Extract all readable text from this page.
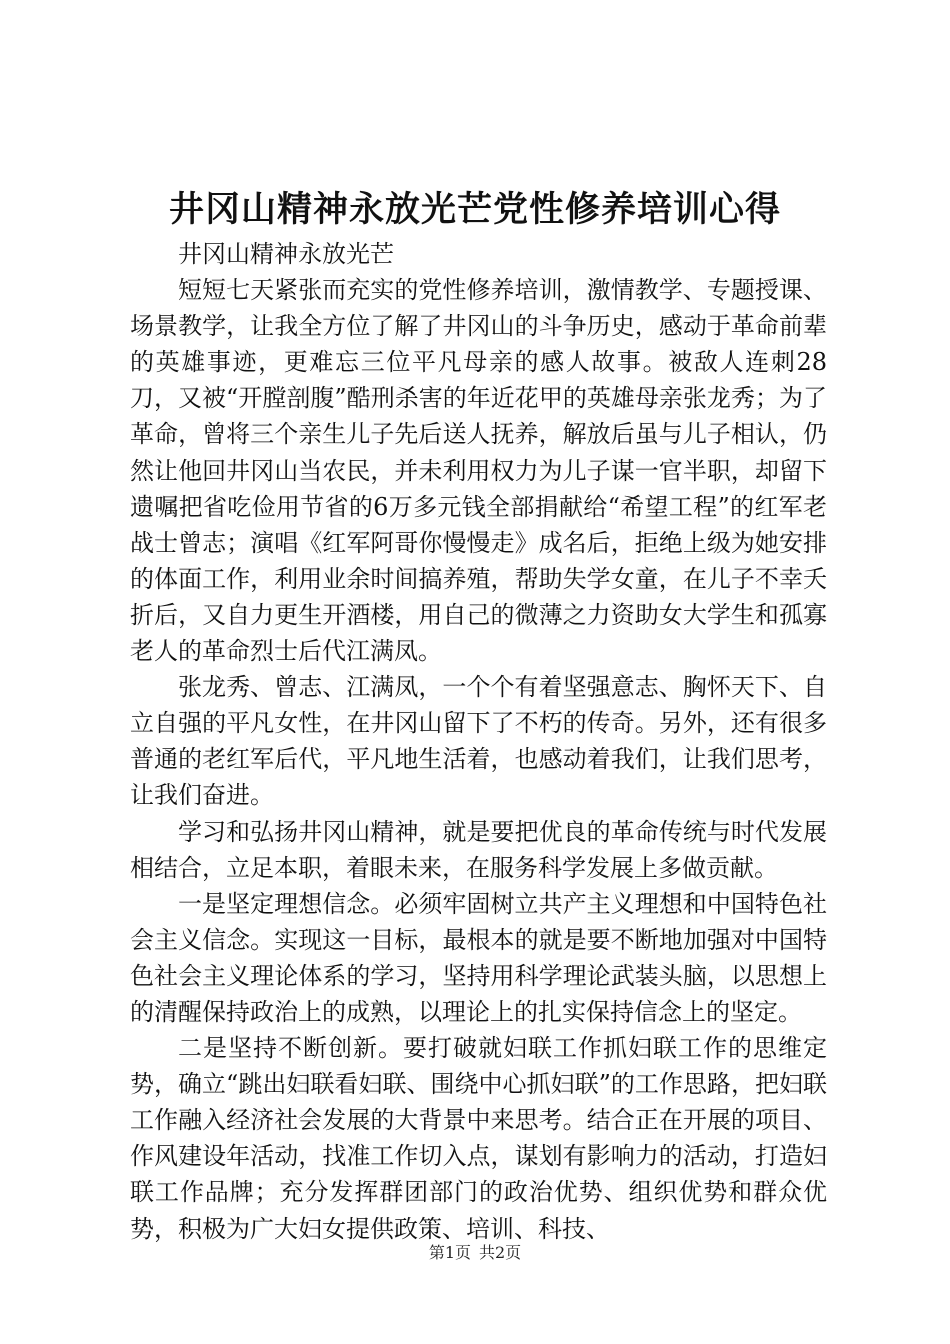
井冈山精神永放光芒党性修养培训心得

井冈山精神永放光芒

短短七天紧张而充实的党性修养培训，激情教学、专题授课、场景教学，让我全方位了解了井冈山的斗争历史，感动于革命前辈的英雄事迹，更难忘三位平凡母亲的感人故事。被敌人连刺28刀，又被“开膛剖腹”酷刑杀害的年近花甲的英雄母亲张龙秀；为了革命，曾将三个亲生儿子先后送人抚养，解放后虽与儿子相认，仍然让他回井冈山当农民，并未利用权力为儿子谋一官半职，却留下遗嘱把省吃俭用节省的6万多元钱全部捐献给“希望工程”的红军老战士曾志；演唱《红军阿哥你慢慢走》成名后，拒绝上级为她安排的体面工作，利用业余时间搞养殖，帮助失学女童，在儿子不幸夭折后，又自力更生开酒楼，用自己的微薄之力资助女大学生和孤寡老人的革命烈士后代江满凤。

张龙秀、曾志、江满凤，一个个有着坚强意志、胸怀天下、自立自强的平凡女性，在井冈山留下了不朽的传奇。另外，还有很多普通的老红军后代，平凡地生活着，也感动着我们，让我们思考，让我们奋进。

学习和弘扬井冈山精神，就是要把优良的革命传统与时代发展相结合，立足本职，着眼未来，在服务科学发展上多做贡献。

一是坚定理想信念。必须牢固树立共产主义理想和中国特色社会主义信念。实现这一目标，最根本的就是要不断地加强对中国特色社会主义理论体系的学习，坚持用科学理论武装头脑，以思想上的清醒保持政治上的成熟，以理论上的扎实保持信念上的坚定。

二是坚持不断创新。要打破就妇联工作抓妇联工作的思维定势，确立“跳出妇联看妇联、围绕中心抓妇联”的工作思路，把妇联工作融入经济社会发展的大背景中来思考。结合正在开展的项目、作风建设年活动，找准工作切入点，谋划有影响力的活动，打造妇联工作品牌；充分发挥群团部门的政治优势、组织优势和群众优势，积极为广大妇女提供政策、培训、科技、

第1页 共2页
